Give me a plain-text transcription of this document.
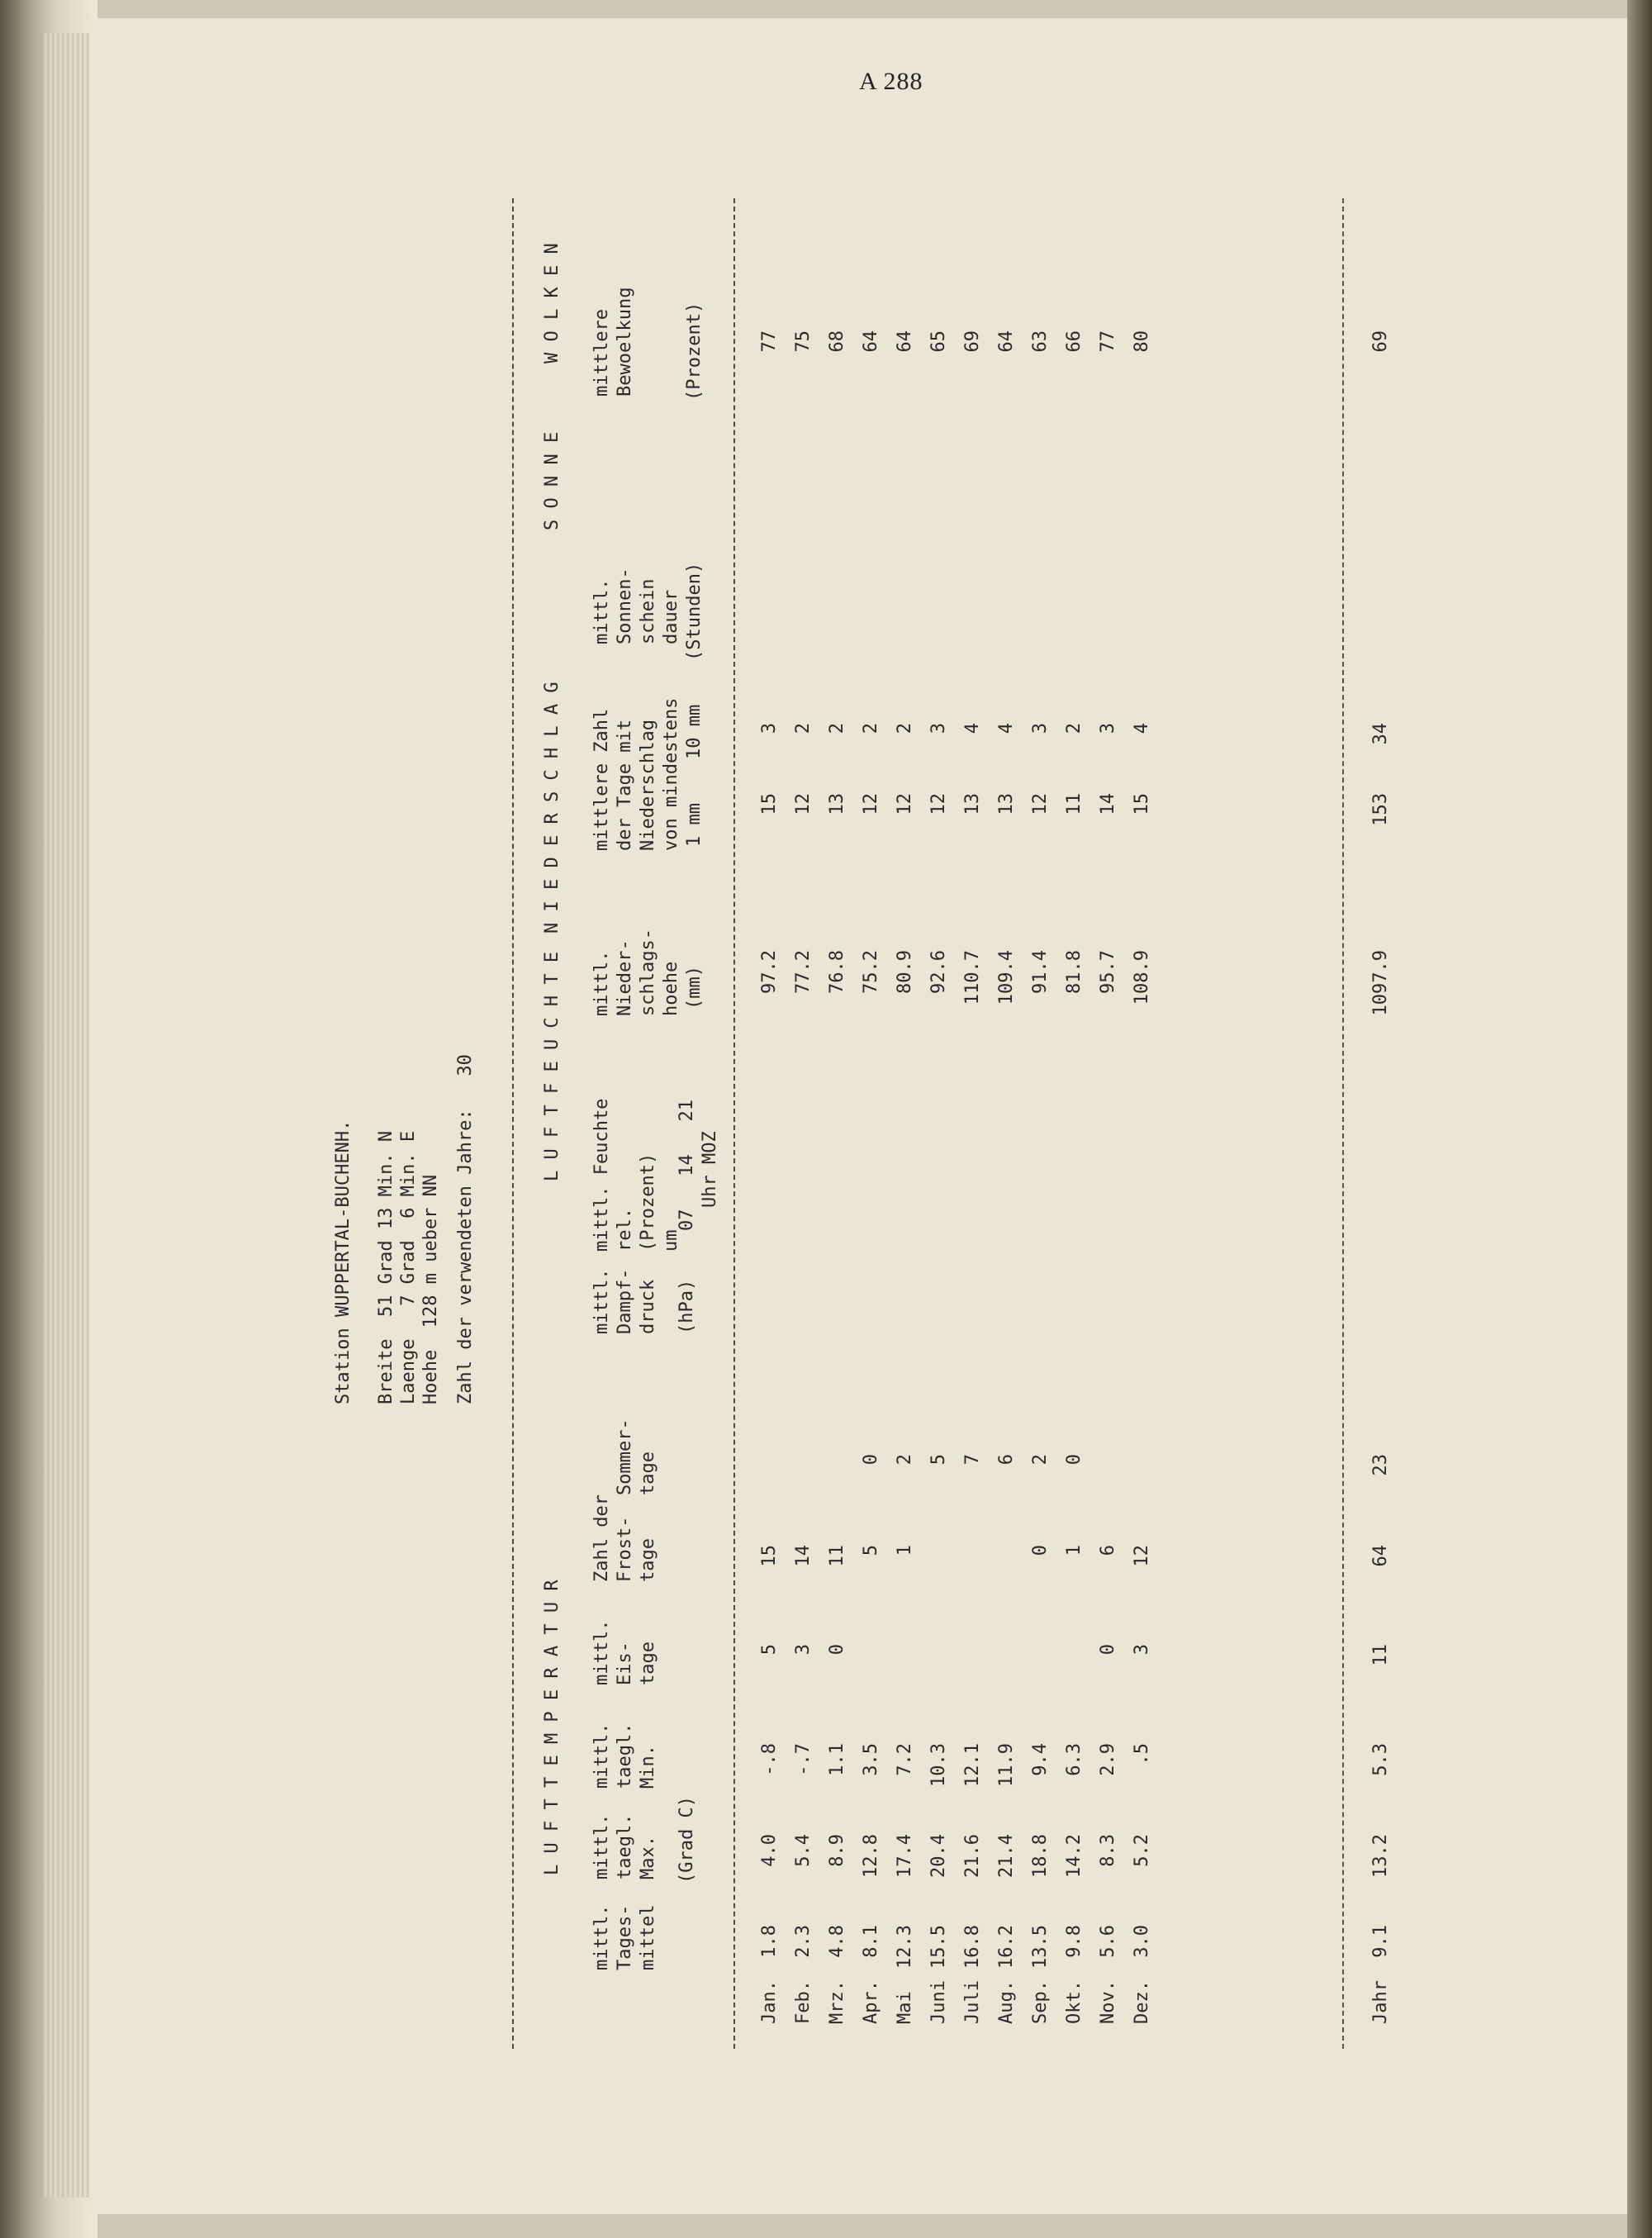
A 288
Station WUPPERTAL-BUCHENH. Breite  51 Grad 13 Min. N Laenge   7 Grad  6 Min. E Hoehe  128 m ueber NN Zahl der verwendeten Jahre:   30
L U F T T E M P E R A T U R
L U F T F E U C H T E
N I E D E R S C H L A G
S O N N E
W O L K E N
mittl.
Tages-
mittel
mittl.
taegl.
Max.
mittl.
taegl.
Min.
(Grad C)
mittl.
Eis-
tage
Zahl der
Frost-
tage
Sommer-
tage
mittl.
Dampf-
druck (hPa)
mittl. Feuchte
rel.
(Prozent)
um
07   14   21 Uhr MOZ
mittl.
Nieder-
schlags-
hoehe (mm)
mittlere Zahl
der Tage mit
Niederschlag
von mindestens 1 mm    10 mm
mittl.
Sonnen-
schein
dauer (Stunden)
mittlere
Bewoelkung	(Prozent)
Jan.
1.8
4.0
-.8
5
15
97.2
15
3
77
Feb.
2.3
5.4
-.7
3
14
77.2
12
2
75
Mrz.
4.8
8.9
1.1
0
11
76.8
13
2
68
Apr.
8.1
12.8
3.5
5
0
75.2
12
2
64
Mai
12.3
17.4
7.2
1
2
80.9
12
2
64
Juni
15.5
20.4
10.3
5
92.6
12
3
65
Juli
16.8
21.6
12.1
7
110.7
13
4
69
Aug.
16.2
21.4
11.9
6
109.4
13
4
64
Sep.
13.5
18.8
9.4
0
2
91.4
12
3
63
Okt.
9.8
14.2
6.3
1
0
81.8
11
2
66
Nov.
5.6
8.3
2.9
0
6
95.7
14
3
77
Dez.
3.0
5.2
.5
3
12
108.9
15
4
80
Jahr
9.1
13.2
5.3
11
64
23
1097.9
153
34
69
